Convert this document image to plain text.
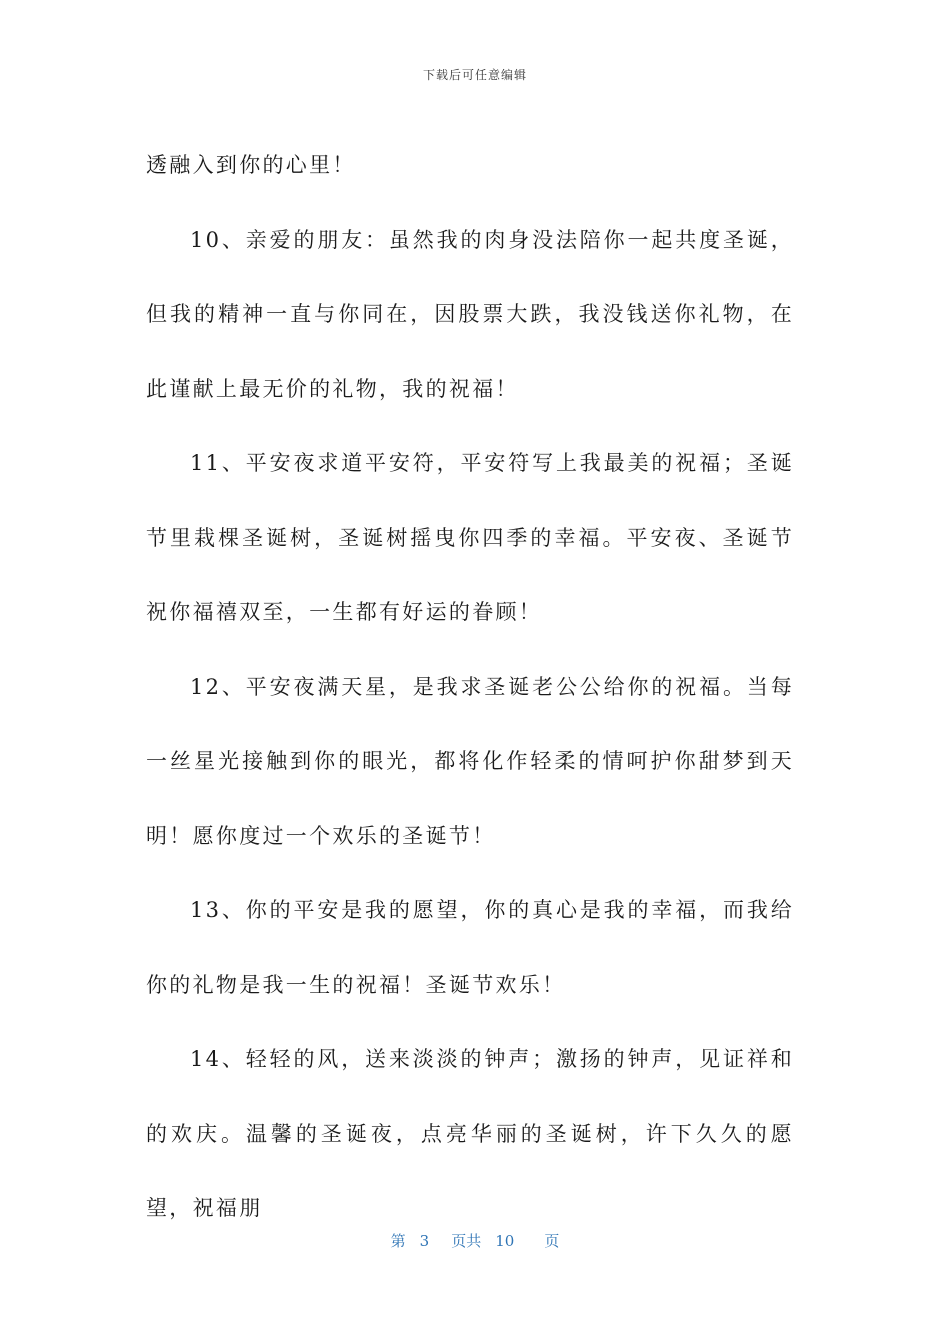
下载后可任意编辑

透融入到你的心里！

10、亲爱的朋友：虽然我的肉身没法陪你一起共度圣诞，但我的精神一直与你同在，因股票大跌，我没钱送你礼物，在此谨献上最无价的礼物，我的祝福！

11、平安夜求道平安符，平安符写上我最美的祝福；圣诞节里栽棵圣诞树，圣诞树摇曳你四季的幸福。平安夜、圣诞节祝你福禧双至，一生都有好运的眷顾！

12、平安夜满天星，是我求圣诞老公公给你的祝福。当每一丝星光接触到你的眼光，都将化作轻柔的情呵护你甜梦到天明！愿你度过一个欢乐的圣诞节！

13、你的平安是我的愿望，你的真心是我的幸福，而我给你的礼物是我一生的祝福！圣诞节欢乐！

14、轻轻的风，送来淡淡的钟声；激扬的钟声，见证祥和的欢庆。温馨的圣诞夜，点亮华丽的圣诞树，许下久久的愿望，祝福朋

第 3 页共 10 页
